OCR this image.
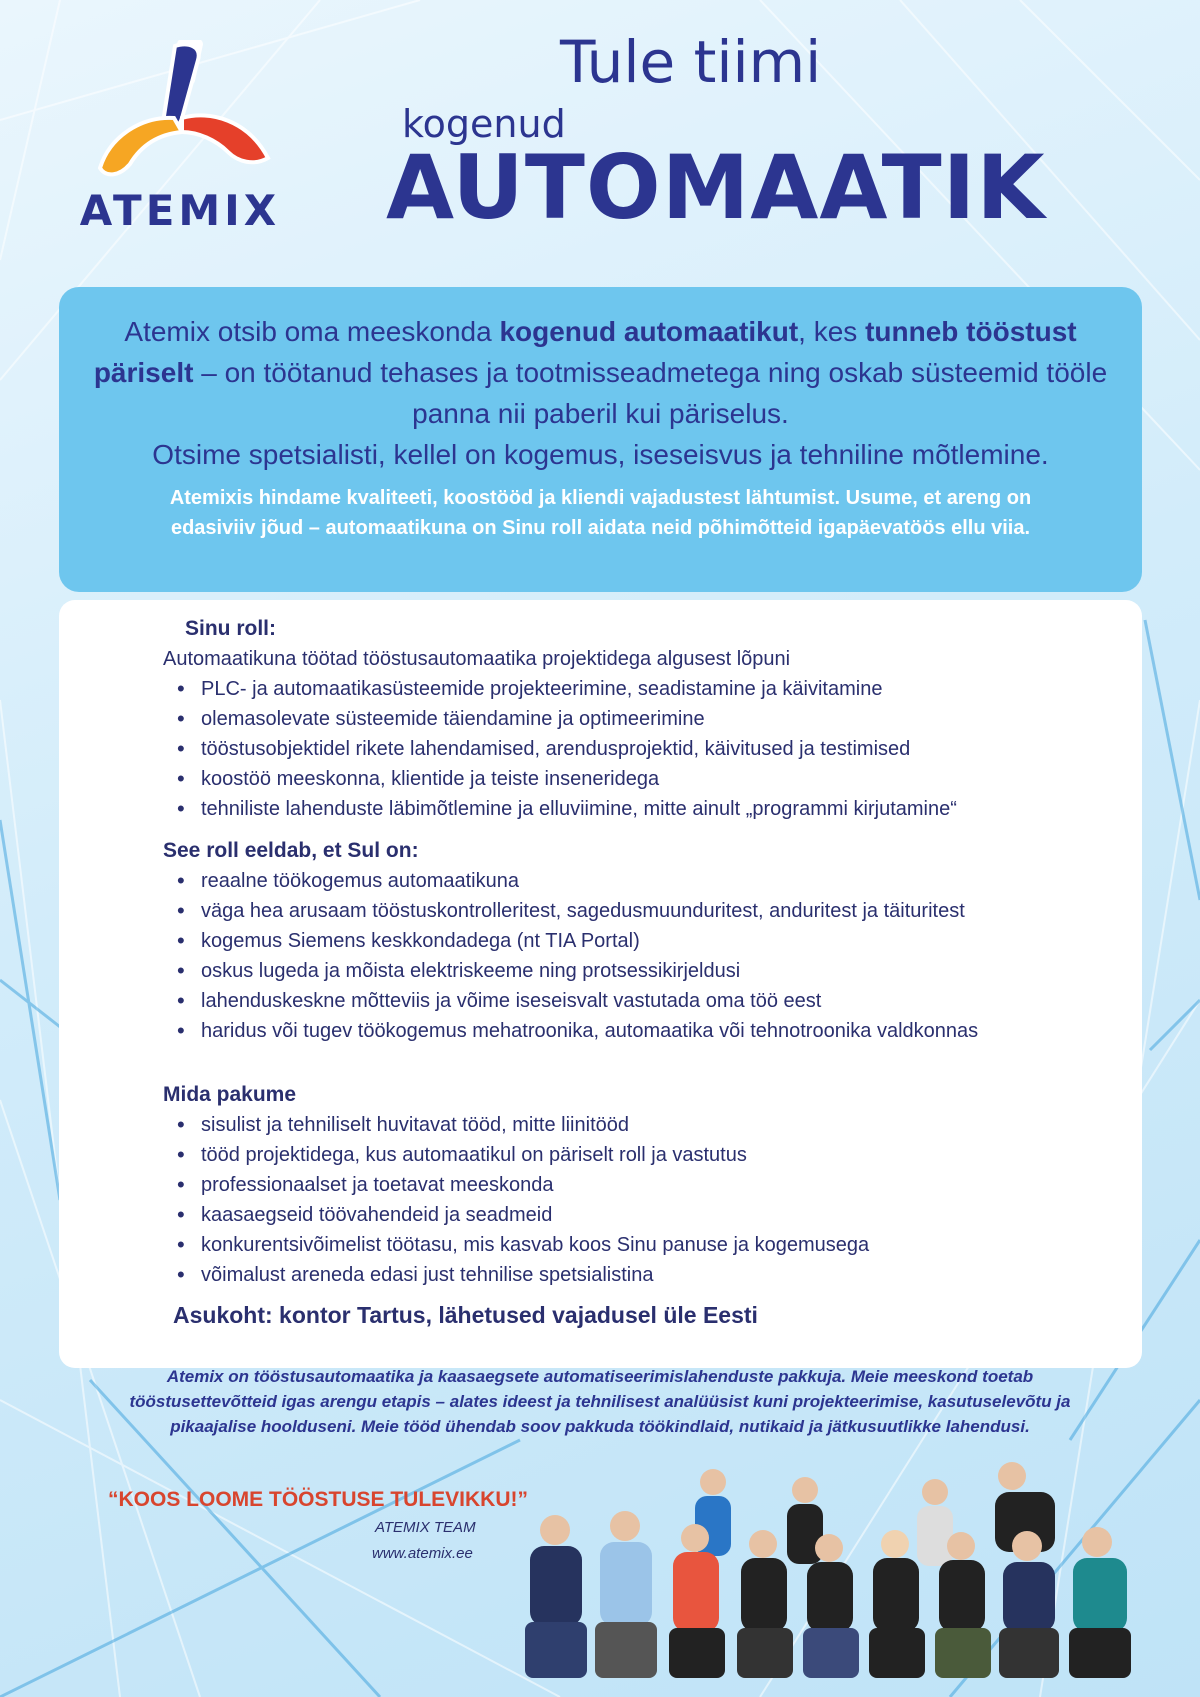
ATEMIX
Tule tiimi
kogenud
AUTOMAATIK
Atemix otsib oma meeskonda kogenud automaatikut, kes tunneb tööstust päriselt – on töötanud tehases ja tootmisseadmetega ning oskab süsteemid tööle panna nii paberil kui päriselus.
Otsime spetsialisti, kellel on kogemus, iseseisvus ja tehniline mõtlemine.
Atemixis hindame kvaliteeti, koostööd ja kliendi vajadustest lähtumist. Usume, et areng on edasiviiv jõud – automaatikuna on Sinu roll aidata neid põhimõtteid igapäevatöös ellu viia.
Sinu roll:
Automaatikuna töötad tööstusautomaatika projektidega algusest lõpuni
• PLC- ja automaatikasüsteemide projekteerimine, seadistamine ja käivitamine
• olemasolevate süsteemide täiendamine ja optimeerimine
• tööstusobjektidel rikete lahendamised, arendusprojektid, käivitused ja testimised
• koostöö meeskonna, klientide ja teiste inseneridega
• tehniliste lahenduste läbimõtlemine ja elluviimine, mitte ainult „programmi kirjutamine“
See roll eeldab, et Sul on:
• reaalne töökogemus automaatikuna
• väga hea arusaam tööstuskontrolleritest, sagedusmuunduritest, anduritest ja täituritest
• kogemus Siemens keskkondadega (nt TIA Portal)
• oskus lugeda ja mõista elektriskeeme ning protsessikirjeldusi
• lahenduskeskne mõtteviis ja võime iseseisvalt vastutada oma töö eest
• haridus või tugev töökogemus mehatroonika, automaatika või tehnotroonika valdkonnas
Mida pakume
• sisulist ja tehniliselt huvitavat tööd, mitte liinitööd
• tööd projektidega, kus automaatikul on päriselt roll ja vastutus
• professionaalset ja toetavat meeskonda
• kaasaegseid töövahendeid ja seadmeid
• konkurentsivõimelist töötasu, mis kasvab koos Sinu panuse ja kogemusega
• võimalust areneda edasi just tehnilise spetsialistina
Asukoht: kontor Tartus, lähetused vajadusel üle Eesti
Atemix on tööstusautomaatika ja kaasaegsete automatiseerimislahenduste pakkuja. Meie meeskond toetab tööstusettevõtteid igas arengu etapis – alates ideest ja tehnilisest analüüsist kuni projekteerimise, kasutuselevõtu ja pikaajalise hoolduseni. Meie tööd ühendab soov pakkuda töökindlaid, nutikaid ja jätkusuutlikke lahendusi.
“KOOS LOOME TÖÖSTUSE TULEVIKKU!”
ATEMIX TEAM
www.atemix.ee
